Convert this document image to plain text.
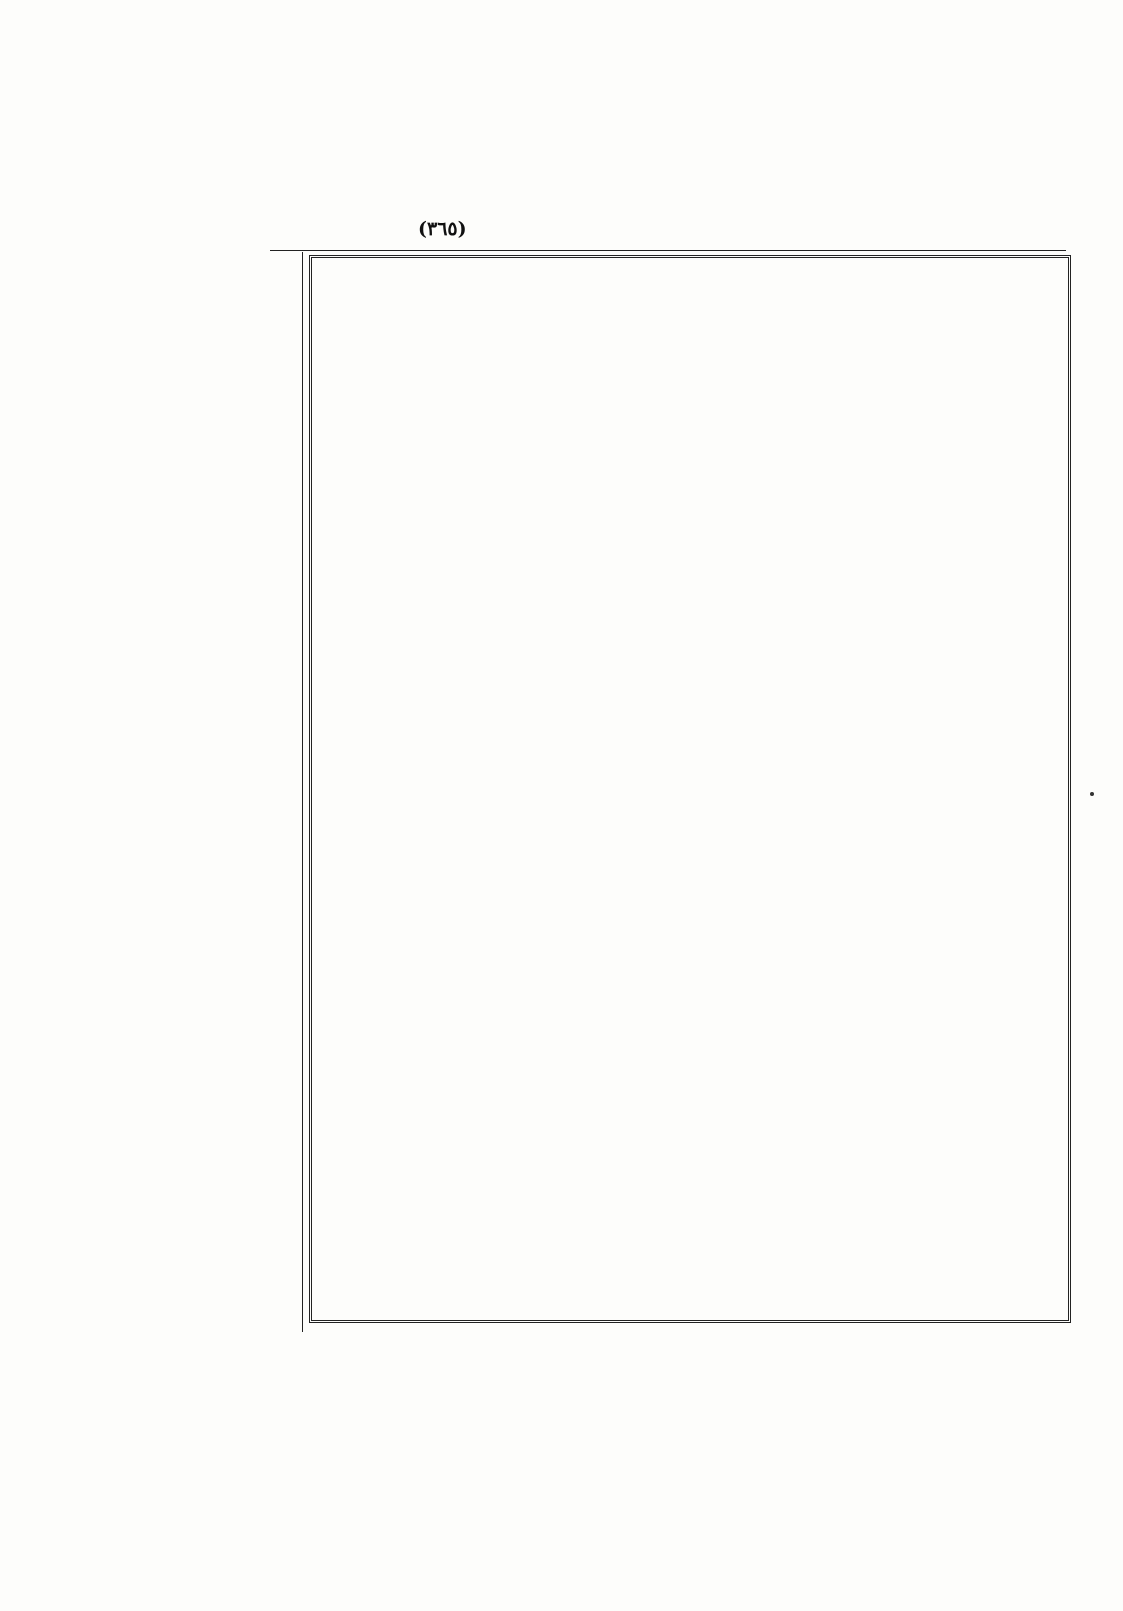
(٣٦٥)
